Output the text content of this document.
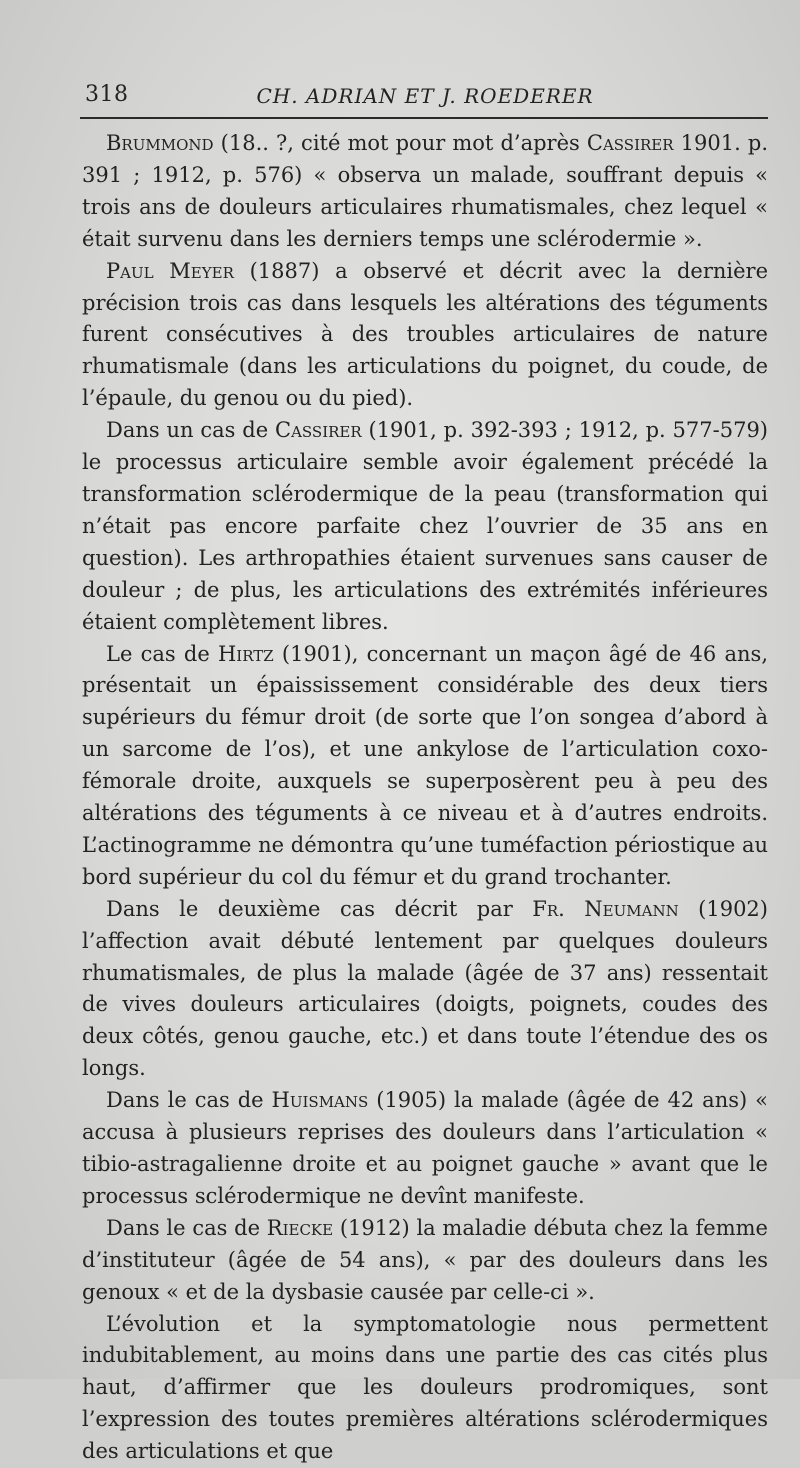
318	CH. ADRIAN ET J. ROEDERER

Brummond (18.. ?, cité mot pour mot d’après Cassirer 1901. p. 391 ; 1912, p. 576) « observa un malade, souffrant depuis « trois ans de douleurs articulaires rhumatismales, chez lequel « était survenu dans les derniers temps une sclérodermie ».

Paul Meyer (1887) a observé et décrit avec la dernière précision trois cas dans lesquels les altérations des téguments furent consécutives à des troubles articulaires de nature rhumatismale (dans les articulations du poignet, du coude, de l’épaule, du genou ou du pied).

Dans un cas de Cassirer (1901, p. 392-393 ; 1912, p. 577-579) le processus articulaire semble avoir également précédé la transformation sclérodermique de la peau (transformation qui n’était pas encore parfaite chez l’ouvrier de 35 ans en question). Les arthropathies étaient survenues sans causer de douleur ; de plus, les articulations des extrémités inférieures étaient complètement libres.

Le cas de Hirtz (1901), concernant un maçon âgé de 46 ans, présentait un épaississement considérable des deux tiers supérieurs du fémur droit (de sorte que l’on songea d’abord à un sarcome de l’os), et une ankylose de l’articulation coxo-fémorale droite, auxquels se superposèrent peu à peu des altérations des téguments à ce niveau et à d’autres endroits. L’actinogramme ne démontra qu’une tuméfaction périostique au bord supérieur du col du fémur et du grand trochanter.

Dans le deuxième cas décrit par Fr. Neumann (1902) l’affection avait débuté lentement par quelques douleurs rhumatismales, de plus la malade (âgée de 37 ans) ressentait de vives douleurs articulaires (doigts, poignets, coudes des deux côtés, genou gauche, etc.) et dans toute l’étendue des os longs.

Dans le cas de Huismans (1905) la malade (âgée de 42 ans) « accusa à plusieurs reprises des douleurs dans l’articulation « tibio-astragalienne droite et au poignet gauche » avant que le processus sclérodermique ne devînt manifeste.

Dans le cas de Riecke (1912) la maladie débuta chez la femme d’instituteur (âgée de 54 ans), « par des douleurs dans les genoux « et de la dysbasie causée par celle-ci ».

L’évolution et la symptomatologie nous permettent indubitablement, au moins dans une partie des cas cités plus haut, d’affirmer que les douleurs prodromiques, sont l’expression des toutes premières altérations sclérodermiques des articulations et que
